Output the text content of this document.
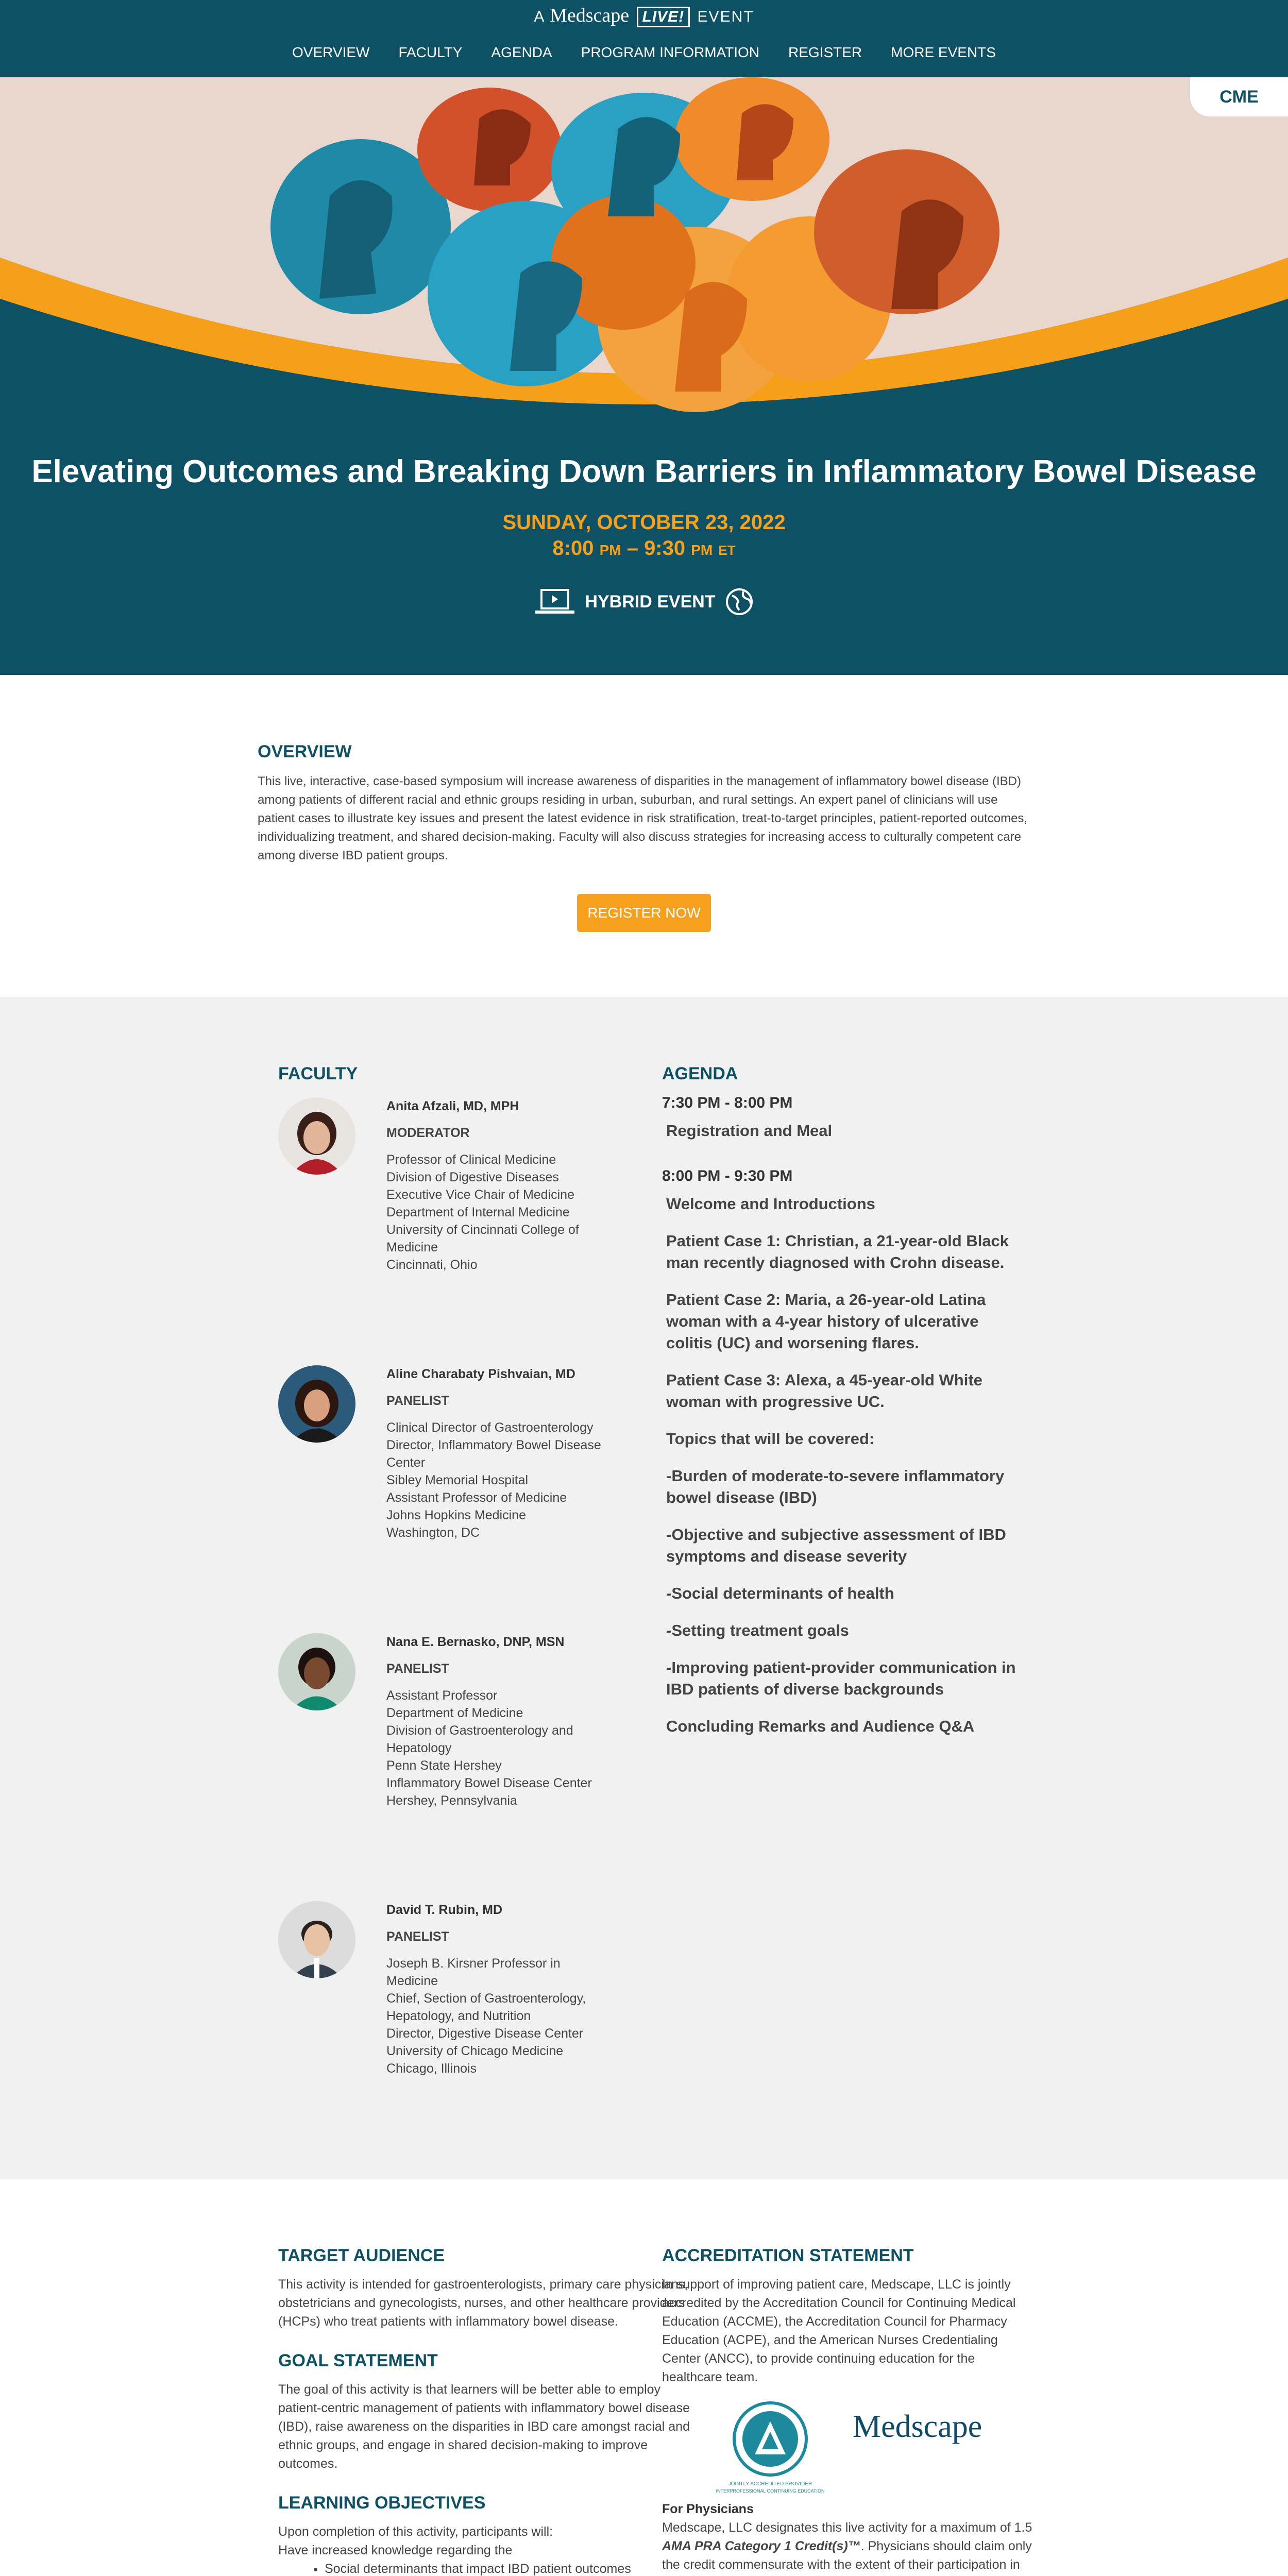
A Medscape LIVE! EVENT
OVERVIEW FACULTY AGENDA PROGRAM INFORMATION REGISTER MORE EVENTS
CME
Elevating Outcomes and Breaking Down Barriers in Inflammatory Bowel Disease
SUNDAY, OCTOBER 23, 2022
8:00 PM – 9:30 PM ET
HYBRID EVENT
OVERVIEW

This live, interactive, case-based symposium will increase awareness of disparities in the management of inflammatory bowel disease (IBD) among patients of different racial and ethnic groups residing in urban, suburban, and rural settings. An expert panel of clinicians will use patient cases to illustrate key issues and present the latest evidence in risk stratification, treat-to-target principles, patient-reported outcomes, individualizing treatment, and shared decision-making. Faculty will also discuss strategies for increasing access to culturally competent care among diverse IBD patient groups.

REGISTER NOW
FACULTY
Anita Afzali, MD, MPH
MODERATOR
Professor of Clinical Medicine
Division of Digestive Diseases
Executive Vice Chair of Medicine
Department of Internal Medicine
University of Cincinnati College of Medicine
Cincinnati, Ohio
Aline Charabaty Pishvaian, MD
PANELIST
Clinical Director of Gastroenterology
Director, Inflammatory Bowel Disease Center
Sibley Memorial Hospital
Assistant Professor of Medicine
Johns Hopkins Medicine
Washington, DC
Nana E. Bernasko, DNP, MSN
PANELIST
Assistant Professor
Department of Medicine
Division of Gastroenterology and Hepatology
Penn State Hershey
Inflammatory Bowel Disease Center
Hershey, Pennsylvania
David T. Rubin, MD
PANELIST
Joseph B. Kirsner Professor in Medicine
Chief, Section of Gastroenterology, Hepatology, and Nutrition
Director, Digestive Disease Center
University of Chicago Medicine
Chicago, Illinois
AGENDA
7:30 PM - 8:00 PM
Registration and Meal
8:00 PM - 9:30 PM
Welcome and Introductions
Patient Case 1: Christian, a 21-year-old Black man recently diagnosed with Crohn disease.
Patient Case 2: Maria, a 26-year-old Latina woman with a 4-year history of ulcerative colitis (UC) and worsening flares.
Patient Case 3: Alexa, a 45-year-old White woman with progressive UC.
Topics that will be covered:
-Burden of moderate-to-severe inflammatory bowel disease (IBD)
-Objective and subjective assessment of IBD symptoms and disease severity
-Social determinants of health
-Setting treatment goals
-Improving patient-provider communication in IBD patients of diverse backgrounds
Concluding Remarks and Audience Q&A
TARGET AUDIENCE

This activity is intended for gastroenterologists, primary care physicians, obstetricians and gynecologists, nurses, and other healthcare providers (HCPs) who treat patients with inflammatory bowel disease.

GOAL STATEMENT

The goal of this activity is that learners will be better able to employ patient-centric management of patients with inflammatory bowel disease (IBD), raise awareness on the disparities in IBD care amongst racial and ethnic groups, and engage in shared decision-making to improve outcomes.

LEARNING OBJECTIVES

Upon completion of this activity, participants will:

Have increased knowledge regarding the

• Social determinants that impact IBD patient outcomes

ACCREDITATION STATEMENT

In support of improving patient care, Medscape, LLC is jointly accredited by the Accreditation Council for Continuing Medical Education (ACCME), the Accreditation Council for Pharmacy Education (ACPE), and the American Nurses Credentialing Center (ANCC), to provide continuing education for the healthcare team.

JOINTLY ACCREDITED PROVIDER
INTERPROFESSIONAL CONTINUING EDUCATION
Medscape
For Physicians

Medscape, LLC designates this live activity for a maximum of 1.5 AMA PRA Category 1 Credit(s)™. Physicians should claim only the credit commensurate with the extent of their participation in
